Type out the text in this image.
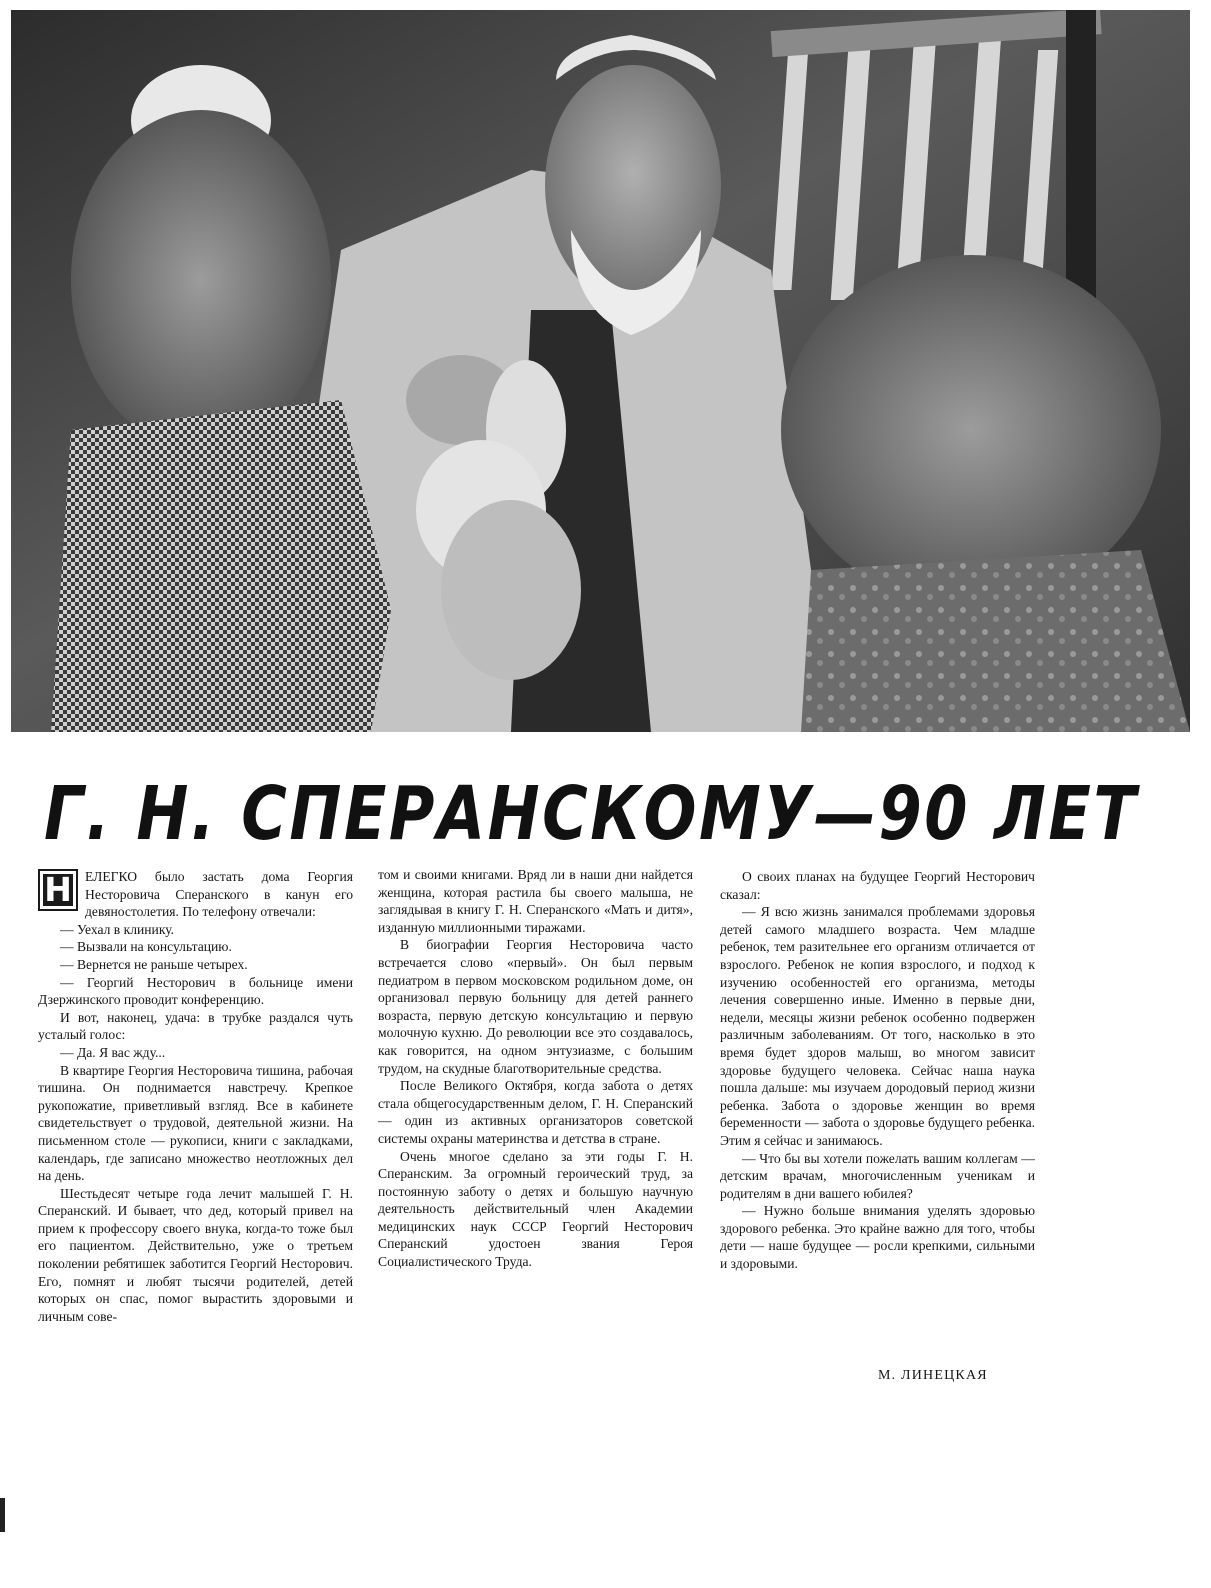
Г. Н. СПЕРАНСКОМУ—90 ЛЕТ

Н ЕЛЕГКО было застать дома Георгия Несторовича Сперанского в канун его девяностолетия. По телефону отвечали:

— Уехал в клинику.

— Вызвали на консультацию.

— Вернется не раньше четырех.

— Георгий Несторович в больнице имени Дзержинского проводит конференцию.

И вот, наконец, удача: в трубке раздался чуть усталый голос:

— Да. Я вас жду...

В квартире Георгия Несторовича тишина, рабочая тишина. Он поднимается навстречу. Крепкое рукопожатие, приветливый взгляд. Все в кабинете свидетельствует о трудовой, деятельной жизни. На письменном столе — рукописи, книги с закладками, календарь, где записано множество неотложных дел на день.

Шестьдесят четыре года лечит малышей Г. Н. Сперанский. И бывает, что дед, который привел на прием к профессору своего внука, когда-то тоже был его пациентом. Действительно, уже о третьем поколении ребятишек заботится Георгий Несторович. Его, помнят и любят тысячи родителей, детей которых он спас, помог вырастить здоровыми и личным сове-

том и своими книгами. Вряд ли в наши дни найдется женщина, которая растила бы своего малыша, не заглядывая в книгу Г. Н. Сперанского «Мать и дитя», изданную миллионными тиражами.

В биографии Георгия Несторовича часто встречается слово «первый». Он был первым педиатром в первом московском родильном доме, он организовал первую больницу для детей раннего возраста, первую детскую консультацию и первую молочную кухню. До революции все это создавалось, как говорится, на одном энтузиазме, с большим трудом, на скудные благотворительные средства.

После Великого Октября, когда забота о детях стала общегосударственным делом, Г. Н. Сперанский — один из активных организаторов советской системы охраны материнства и детства в стране.

Очень многое сделано за эти годы Г. Н. Сперанским. За огромный героический труд, за постоянную заботу о детях и большую научную деятельность действительный член Академии медицинских наук СССР Георгий Несторович Сперанский удостоен звания Героя Социалистического Труда.

О своих планах на будущее Георгий Несторович сказал:

— Я всю жизнь занимался проблемами здоровья детей самого младшего возраста. Чем младше ребенок, тем разительнее его организм отличается от взрослого. Ребенок не копия взрослого, и подход к изучению особенностей его организма, методы лечения совершенно иные. Именно в первые дни, недели, месяцы жизни ребенок особенно подвержен различным заболеваниям. От того, насколько в это время будет здоров малыш, во многом зависит здоровье будущего человека. Сейчас наша наука пошла дальше: мы изучаем дородовый период жизни ребенка. Забота о здоровье женщин во время беременности — забота о здоровье будущего ребенка. Этим я сейчас и занимаюсь.

— Что бы вы хотели пожелать вашим коллегам — детским врачам, многочисленным ученикам и родителям в дни вашего юбилея?

— Нужно больше внимания уделять здоровью здорового ребенка. Это крайне важно для того, чтобы дети — наше будущее — росли крепкими, сильными и здоровыми.

М. ЛИНЕЦКАЯ
